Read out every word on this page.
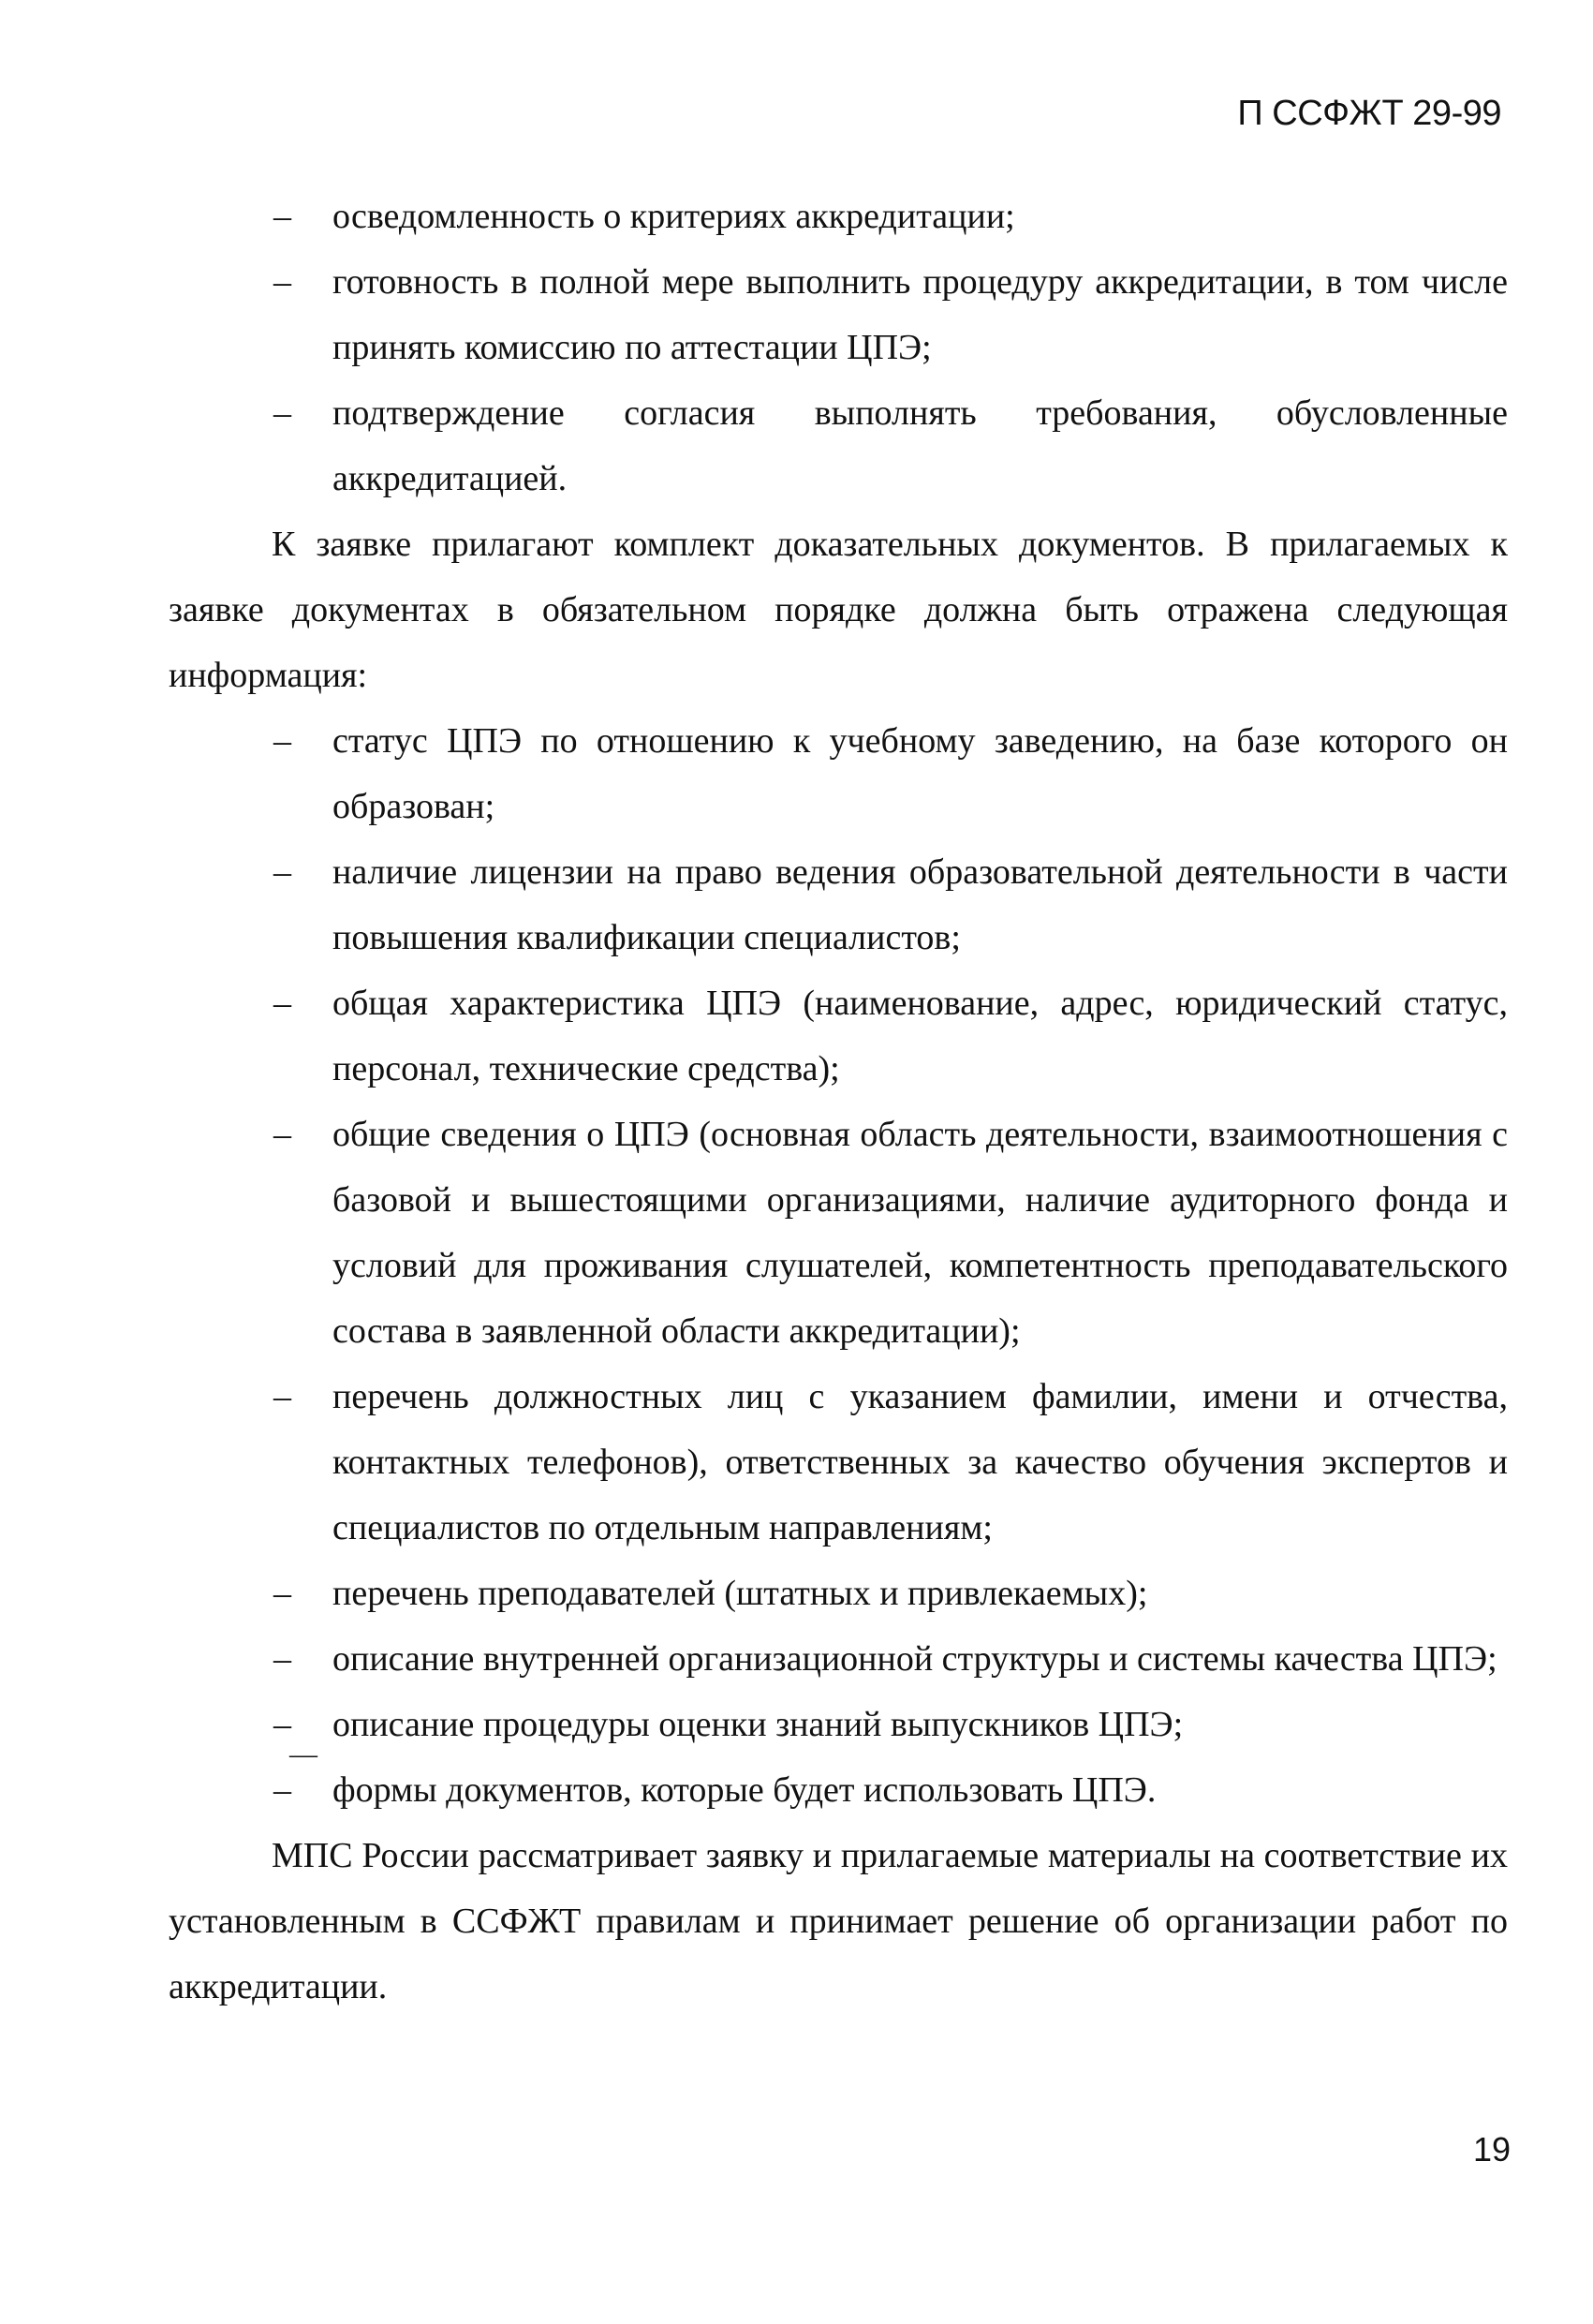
П ССФЖТ 29-99

– осведомленность о критериях аккредитации;

– готовность в полной мере выполнить процедуру аккредитации, в том числе принять комиссию по аттестации ЦПЭ;

– подтверждение согласия выполнять требования, обусловленные аккредитацией.

К заявке прилагают комплект доказательных документов. В прилагаемых к заявке документах в обязательном порядке должна быть отражена следующая информация:

– статус ЦПЭ по отношению к учебному заведению, на базе которого он образован;

– наличие лицензии на право ведения образовательной деятельности в части повышения квалификации специалистов;

– общая характеристика ЦПЭ (наименование, адрес, юридический статус, персонал, технические средства);

– общие сведения о ЦПЭ (основная область деятельности, взаимоотношения с базовой и вышестоящими организациями, наличие аудиторного фонда и условий для проживания слушателей, компетентность преподавательского состава в заявленной области аккредитации);

– перечень должностных лиц с указанием фамилии, имени и отчества, контактных телефонов), ответственных за качество обучения экспертов и специалистов по отдельным направлениям;

– перечень преподавателей (штатных и привлекаемых);

– описание внутренней организационной структуры и системы качества ЦПЭ;

– описание процедуры оценки знаний выпускников ЦПЭ;

– формы документов, которые будет использовать ЦПЭ.

МПС России рассматривает заявку и прилагаемые материалы на соответствие их установленным в ССФЖТ правилам и принимает решение об организации работ по аккредитации.

—
19
